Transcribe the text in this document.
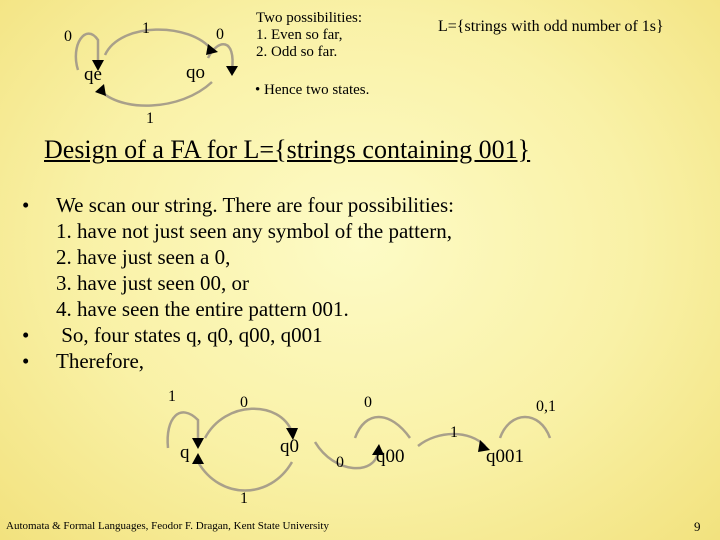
0	1	0
1
qe	qo
Two possibilities:
1. Even so far,
2. Odd so far.
• Hence two states.
L={strings with odd number of 1s}
Design of a FA for L={strings containing 001}
• We scan our string. There are four possibilities:
1. have not just seen any symbol of the pattern,
2. have just seen a 0,
3. have just seen 00, or
4. have seen the entire pattern 001.
• So, four states q, q0, q00, q001
• Therefore,
1	0
0
0
1
0,1
1
q	q0	q00	q001
Automata & Formal Languages, Feodor F. Dragan, Kent State University	9
